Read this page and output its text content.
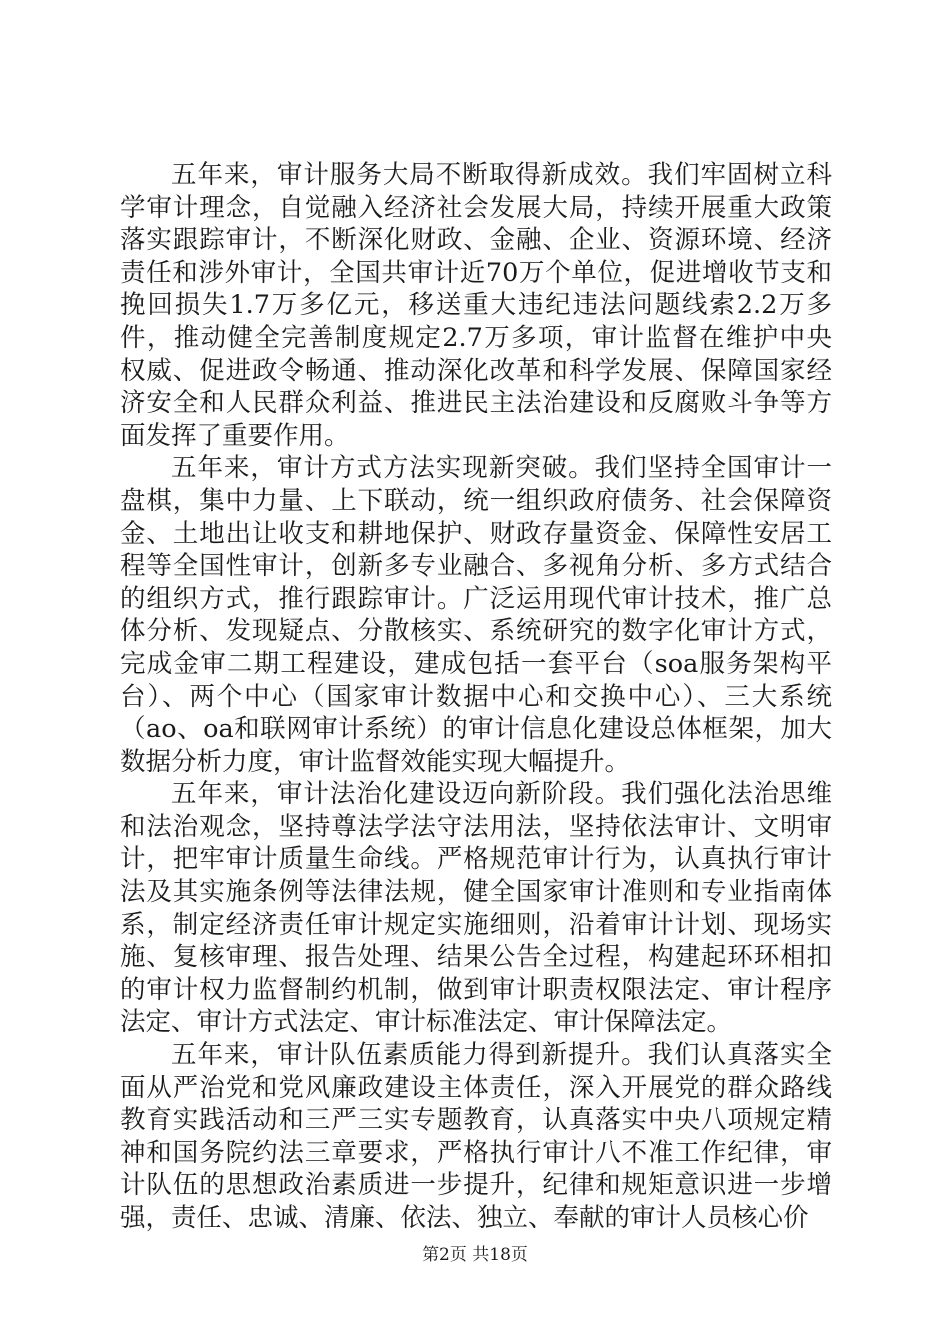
五年来，审计服务大局不断取得新成效。我们牢固树立科
学审计理念，自觉融入经济社会发展大局，持续开展重大政策
落实跟踪审计，不断深化财政、金融、企业、资源环境、经济
责任和涉外审计，全国共审计近70万个单位，促进增收节支和
挽回损失1.7万多亿元，移送重大违纪违法问题线索2.2万多
件，推动健全完善制度规定2.7万多项，审计监督在维护中央
权威、促进政令畅通、推动深化改革和科学发展、保障国家经
济安全和人民群众利益、推进民主法治建设和反腐败斗争等方
面发挥了重要作用。
五年来，审计方式方法实现新突破。我们坚持全国审计一
盘棋，集中力量、上下联动，统一组织政府债务、社会保障资
金、土地出让收支和耕地保护、财政存量资金、保障性安居工
程等全国性审计，创新多专业融合、多视角分析、多方式结合
的组织方式，推行跟踪审计。广泛运用现代审计技术，推广总
体分析、发现疑点、分散核实、系统研究的数字化审计方式，
完成金审二期工程建设，建成包括一套平台（soa服务架构平
台）、两个中心（国家审计数据中心和交换中心）、三大系统
（ao、oa和联网审计系统）的审计信息化建设总体框架，加大
数据分析力度，审计监督效能实现大幅提升。
五年来，审计法治化建设迈向新阶段。我们强化法治思维
和法治观念，坚持尊法学法守法用法，坚持依法审计、文明审
计，把牢审计质量生命线。严格规范审计行为，认真执行审计
法及其实施条例等法律法规，健全国家审计准则和专业指南体
系，制定经济责任审计规定实施细则，沿着审计计划、现场实
施、复核审理、报告处理、结果公告全过程，构建起环环相扣
的审计权力监督制约机制，做到审计职责权限法定、审计程序
法定、审计方式法定、审计标准法定、审计保障法定。
五年来，审计队伍素质能力得到新提升。我们认真落实全
面从严治党和党风廉政建设主体责任，深入开展党的群众路线
教育实践活动和三严三实专题教育，认真落实中央八项规定精
神和国务院约法三章要求，严格执行审计八不准工作纪律，审
计队伍的思想政治素质进一步提升，纪律和规矩意识进一步增
强，责任、忠诚、清廉、依法、独立、奉献的审计人员核心价
第2页 共18页
